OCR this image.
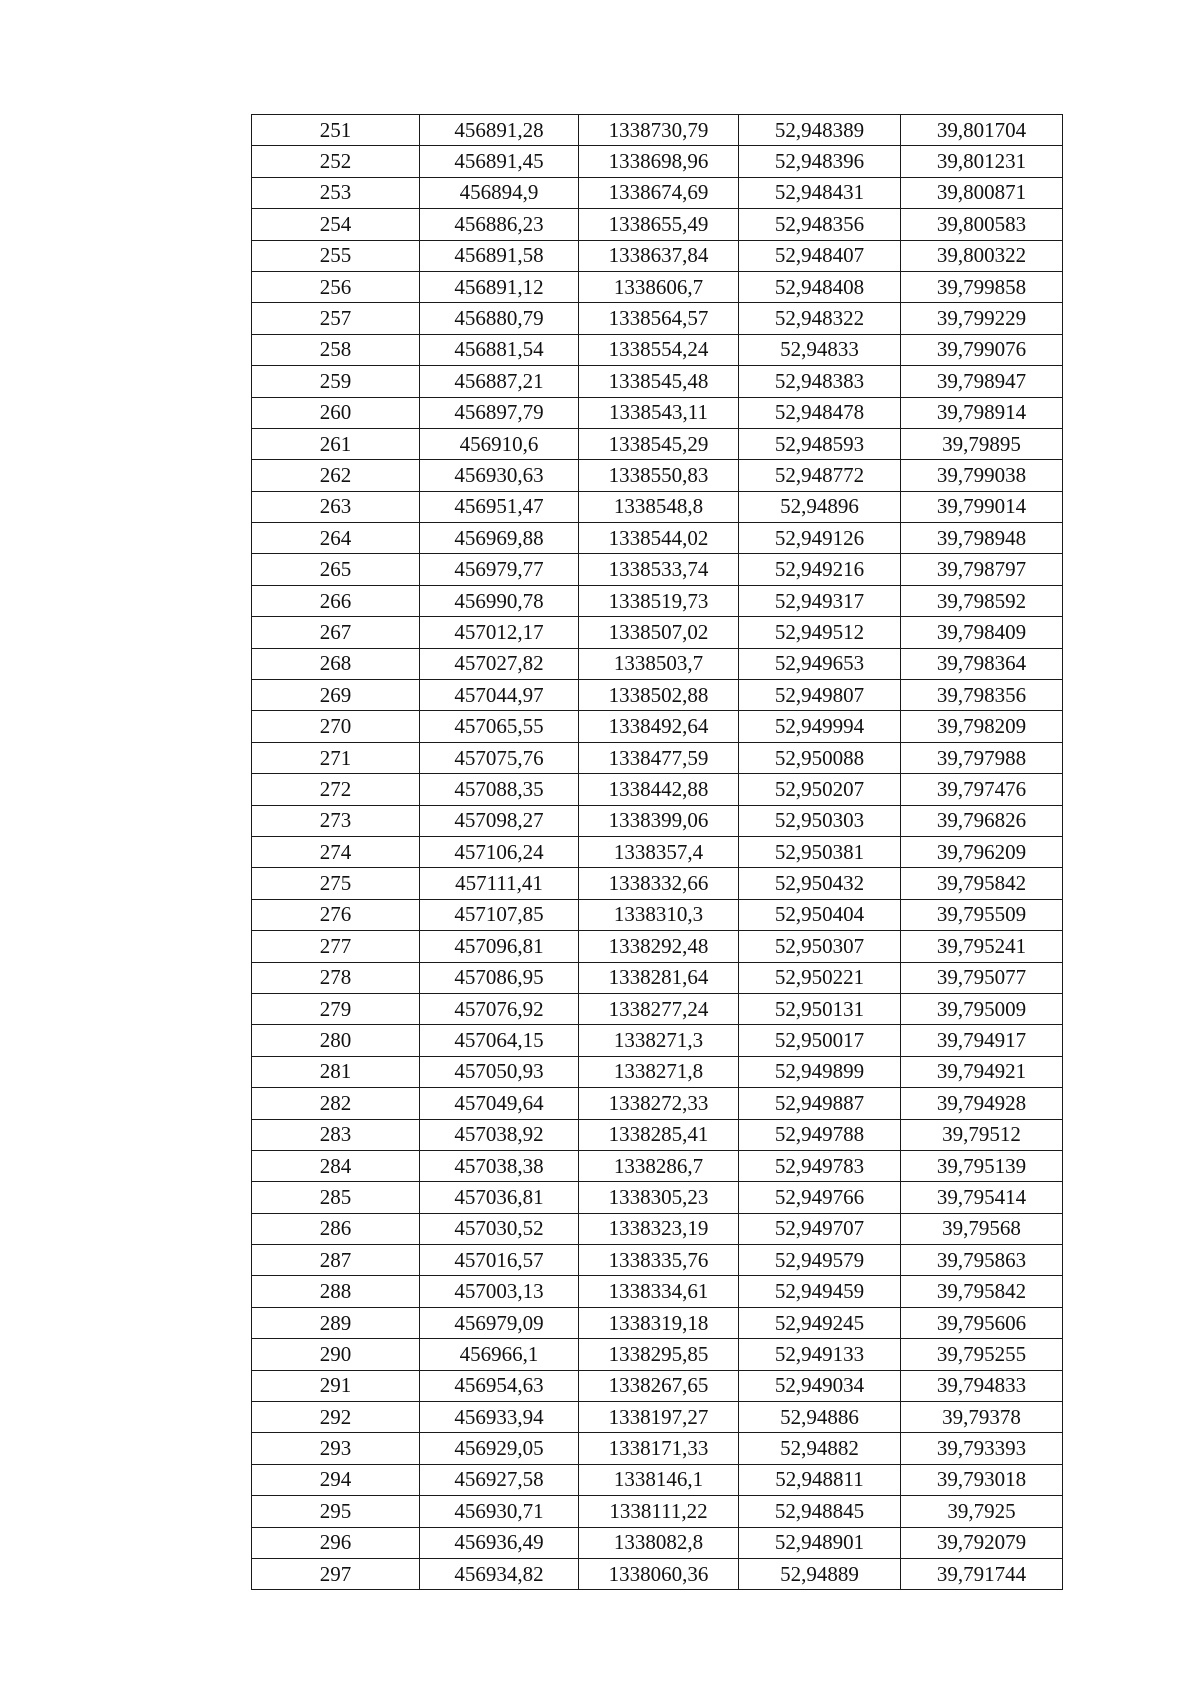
251	456891,28	1338730,79	52,948389	39,801704
252	456891,45	1338698,96	52,948396	39,801231
253	456894,9	1338674,69	52,948431	39,800871
254	456886,23	1338655,49	52,948356	39,800583
255	456891,58	1338637,84	52,948407	39,800322
256	456891,12	1338606,7	52,948408	39,799858
257	456880,79	1338564,57	52,948322	39,799229
258	456881,54	1338554,24	52,94833	39,799076
259	456887,21	1338545,48	52,948383	39,798947
260	456897,79	1338543,11	52,948478	39,798914
261	456910,6	1338545,29	52,948593	39,79895
262	456930,63	1338550,83	52,948772	39,799038
263	456951,47	1338548,8	52,94896	39,799014
264	456969,88	1338544,02	52,949126	39,798948
265	456979,77	1338533,74	52,949216	39,798797
266	456990,78	1338519,73	52,949317	39,798592
267	457012,17	1338507,02	52,949512	39,798409
268	457027,82	1338503,7	52,949653	39,798364
269	457044,97	1338502,88	52,949807	39,798356
270	457065,55	1338492,64	52,949994	39,798209
271	457075,76	1338477,59	52,950088	39,797988
272	457088,35	1338442,88	52,950207	39,797476
273	457098,27	1338399,06	52,950303	39,796826
274	457106,24	1338357,4	52,950381	39,796209
275	457111,41	1338332,66	52,950432	39,795842
276	457107,85	1338310,3	52,950404	39,795509
277	457096,81	1338292,48	52,950307	39,795241
278	457086,95	1338281,64	52,950221	39,795077
279	457076,92	1338277,24	52,950131	39,795009
280	457064,15	1338271,3	52,950017	39,794917
281	457050,93	1338271,8	52,949899	39,794921
282	457049,64	1338272,33	52,949887	39,794928
283	457038,92	1338285,41	52,949788	39,79512
284	457038,38	1338286,7	52,949783	39,795139
285	457036,81	1338305,23	52,949766	39,795414
286	457030,52	1338323,19	52,949707	39,79568
287	457016,57	1338335,76	52,949579	39,795863
288	457003,13	1338334,61	52,949459	39,795842
289	456979,09	1338319,18	52,949245	39,795606
290	456966,1	1338295,85	52,949133	39,795255
291	456954,63	1338267,65	52,949034	39,794833
292	456933,94	1338197,27	52,94886	39,79378
293	456929,05	1338171,33	52,94882	39,793393
294	456927,58	1338146,1	52,948811	39,793018
295	456930,71	1338111,22	52,948845	39,7925
296	456936,49	1338082,8	52,948901	39,792079
297	456934,82	1338060,36	52,94889	39,791744
